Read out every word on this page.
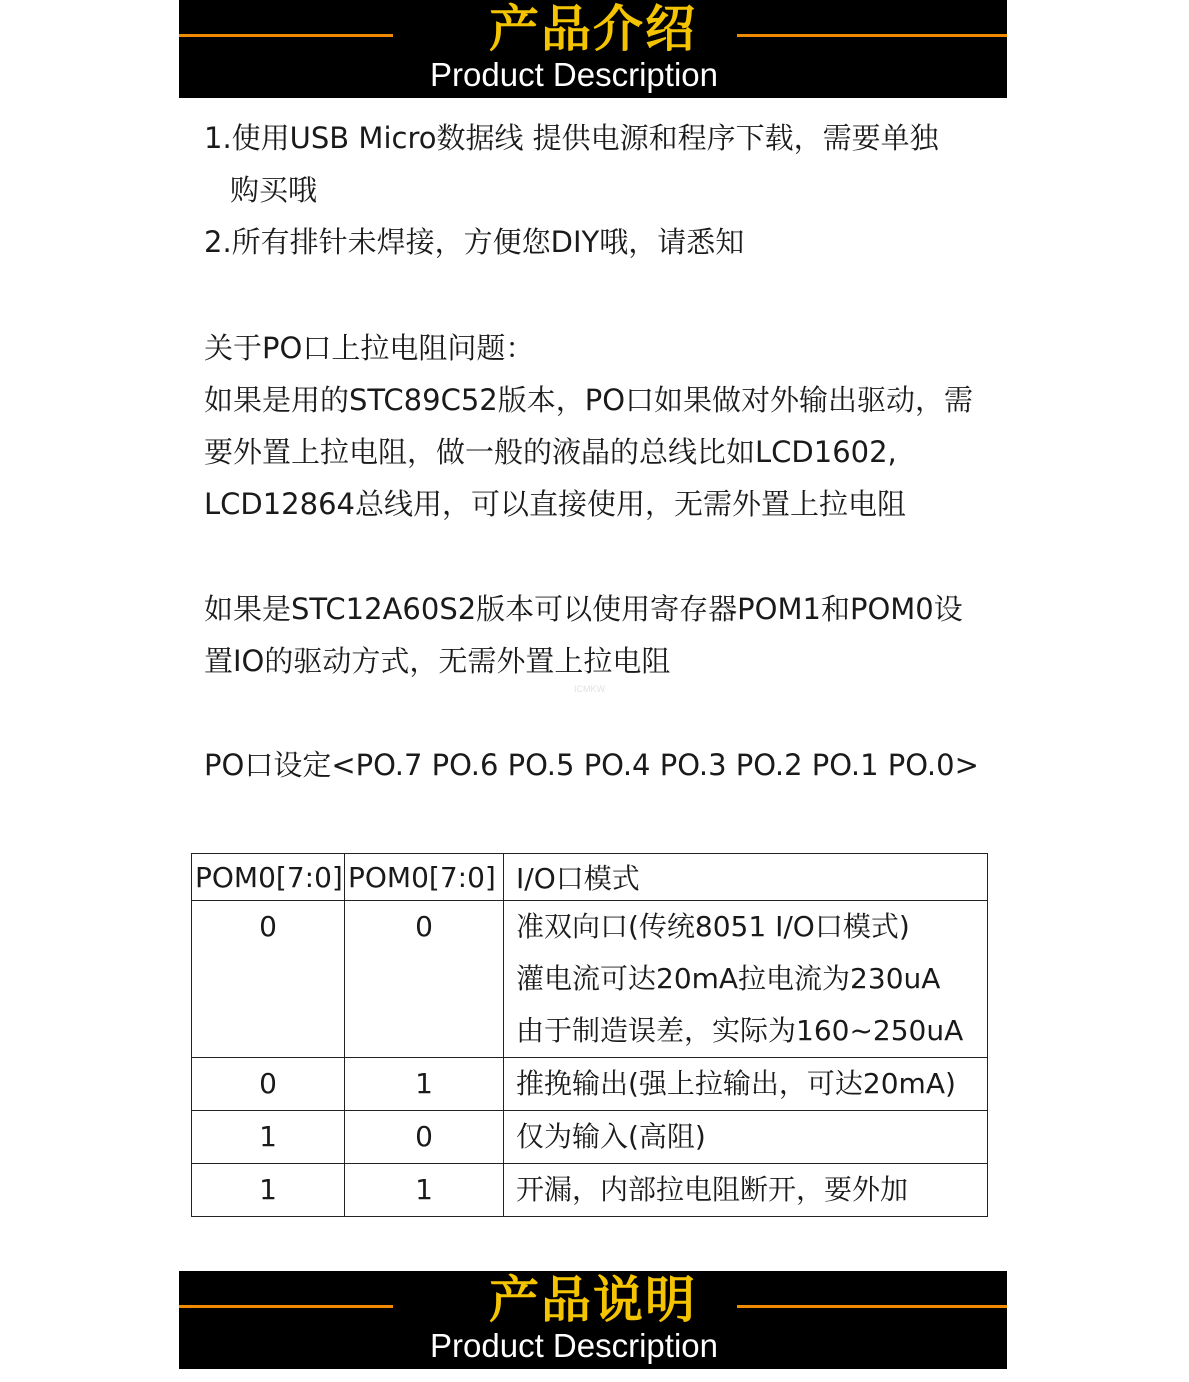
产品介绍
Product Description
1.使用USB Micro数据线 提供电源和程序下载，需要单独
购买哦
2.所有排针未焊接，方便您DIY哦，请悉知
关于PO口上拉电阻问题：
如果是用的STC89C52版本，PO口如果做对外输出驱动，需
要外置上拉电阻，做一般的液晶的总线比如LCD1602,
LCD12864总线用，可以直接使用，无需外置上拉电阻
如果是STC12A60S2版本可以使用寄存器POM1和POM0设
置IO的驱动方式，无需外置上拉电阻
ICMKW
PO口设定<PO.7 PO.6 PO.5 PO.4 PO.3 PO.2 PO.1 PO.0>
POM0[7:0]	POM0[7:0]	I/O口模式
0	0	准双向口(传统8051 I/O口模式)
灌电流可达20mA拉电流为230uA
由于制造误差，实际为160~250uA

0	1	推挽输出(强上拉输出，可达20mA)

1	0	仅为输入(高阻)

1	1	开漏，内部拉电阻断开，要外加
产品说明
Product Description
